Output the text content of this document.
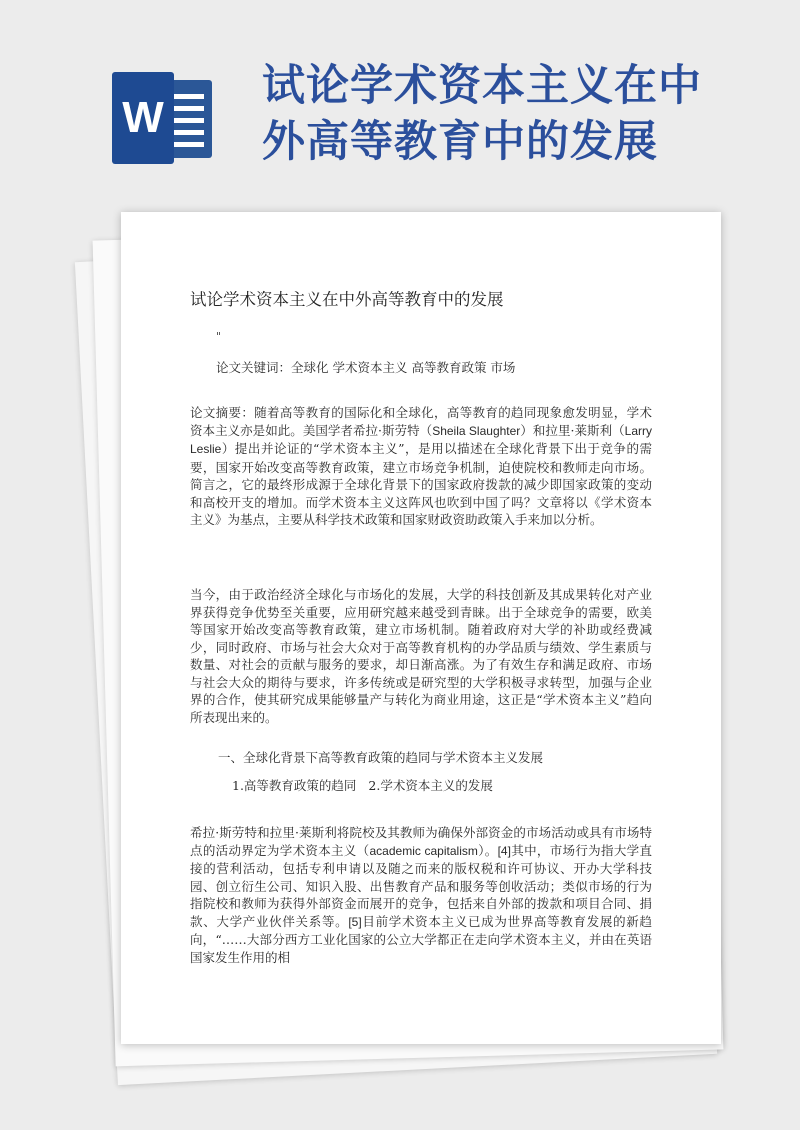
W
试论学术资本主义在中
外高等教育中的发展
试论学术资本主义在中外高等教育中的发展
"
论文关键词：全球化 学术资本主义 高等教育政策 市场
论文摘要：随着高等教育的国际化和全球化，高等教育的趋同现象愈发明显，学术资本主义亦是如此。美国学者希拉·斯劳特（Sheila Slaughter）和拉里·莱斯利（Larry Leslie）提出并论证的“学术资本主义”，是用以描述在全球化背景下出于竞争的需要，国家开始改变高等教育政策，建立市场竞争机制，迫使院校和教师走向市场。简言之，它的最终形成源于全球化背景下的国家政府拨款的减少即国家政策的变动和高校开支的增加。而学术资本主义这阵风也吹到中国了吗？文章将以《学术资本主义》为基点，主要从科学技术政策和国家财政资助政策入手来加以分析。
当今，由于政治经济全球化与市场化的发展，大学的科技创新及其成果转化对产业界获得竞争优势至关重要，应用研究越来越受到青睐。出于全球竞争的需要，欧美等国家开始改变高等教育政策，建立市场机制。随着政府对大学的补助或经费减少，同时政府、市场与社会大众对于高等教育机构的办学品质与绩效、学生素质与数量、对社会的贡献与服务的要求，却日渐高涨。为了有效生存和满足政府、市场与社会大众的期待与要求，许多传统或是研究型的大学积极寻求转型，加强与企业界的合作，使其研究成果能够量产与转化为商业用途，这正是“学术资本主义”趋向所表现出来的。
一、全球化背景下高等教育政策的趋同与学术资本主义发展
1.高等教育政策的趋同 2.学术资本主义的发展
希拉·斯劳特和拉里·莱斯利将院校及其教师为确保外部资金的市场活动或具有市场特点的活动界定为学术资本主义（academic capitalism）。[4]其中，市场行为指大学直接的营利活动，包括专利申请以及随之而来的版权税和许可协议、开办大学科技园、创立衍生公司、知识入股、出售教育产品和服务等创收活动；类似市场的行为指院校和教师为获得外部资金而展开的竞争，包括来自外部的拨款和项目合同、捐款、大学产业伙伴关系等。[5]目前学术资本主义已成为世界高等教育发展的新趋向，“……大部分西方工业化国家的公立大学都正在走向学术资本主义，并由在英语国家发生作用的相
